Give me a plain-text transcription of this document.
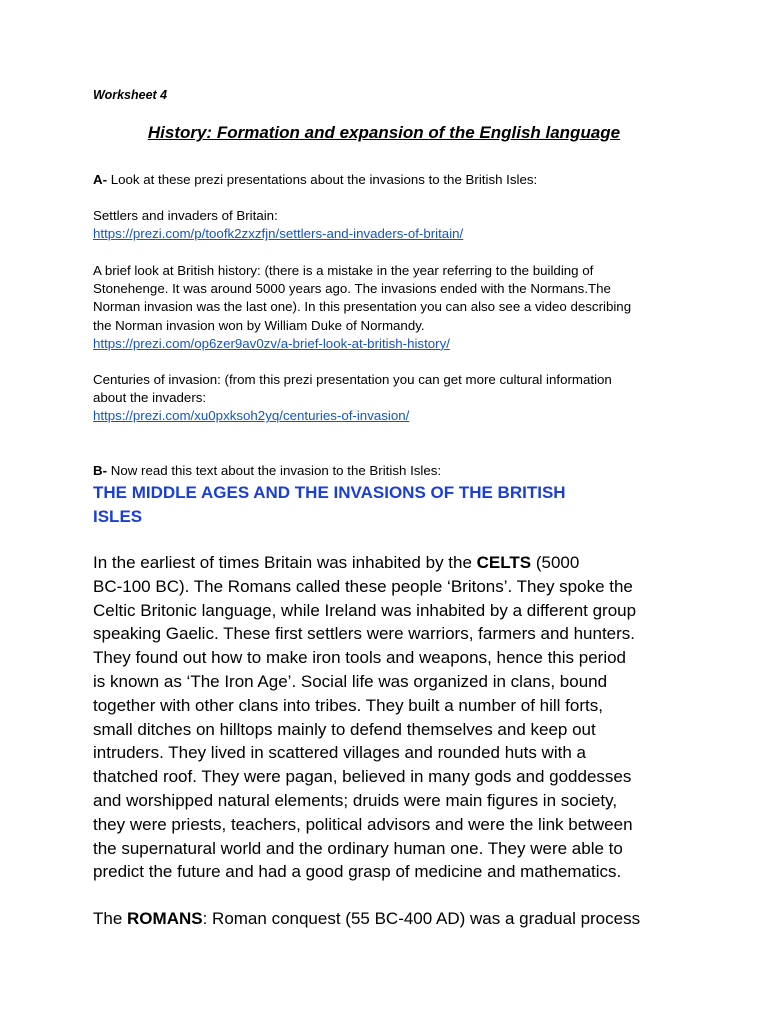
Worksheet 4
History: Formation and expansion of the English language
A- Look at these prezi presentations about the invasions to the British Isles:

Settlers and invaders of Britain:

https://prezi.com/p/toofk2zxzfjn/settlers-and-invaders-of-britain/

A brief look at British history: (there is a mistake in the year referring to the building of

Stonehenge. It was around 5000 years ago. The invasions ended with the Normans.The

Norman invasion was the last one). In this presentation you can also see a video describing

the Norman invasion won by William Duke of Normandy.

https://prezi.com/op6zer9av0zv/a-brief-look-at-british-history/

Centuries of invasion: (from this prezi presentation you can get more cultural information

about the invaders:

https://prezi.com/xu0pxksoh2yq/centuries-of-invasion/

B- Now read this text about the invasion to the British Isles:

THE MIDDLE AGES AND THE INVASIONS OF THE BRITISH

ISLES

In the earliest of times Britain was inhabited by the CELTS (5000

BC-100 BC). The Romans called these people ‘Britons’. They spoke the

Celtic Britonic language, while Ireland was inhabited by a different group

speaking Gaelic. These first settlers were warriors, farmers and hunters.

They found out how to make iron tools and weapons, hence this period

is known as ‘The Iron Age’. Social life was organized in clans, bound

together with other clans into tribes. They built a number of hill forts,

small ditches on hilltops mainly to defend themselves and keep out

intruders. They lived in scattered villages and rounded huts with a

thatched roof. They were pagan, believed in many gods and goddesses

and worshipped natural elements; druids were main figures in society,

they were priests, teachers, political advisors and were the link between

the supernatural world and the ordinary human one. They were able to

predict the future and had a good grasp of medicine and mathematics.

The ROMANS: Roman conquest (55 BC-400 AD) was a gradual process
